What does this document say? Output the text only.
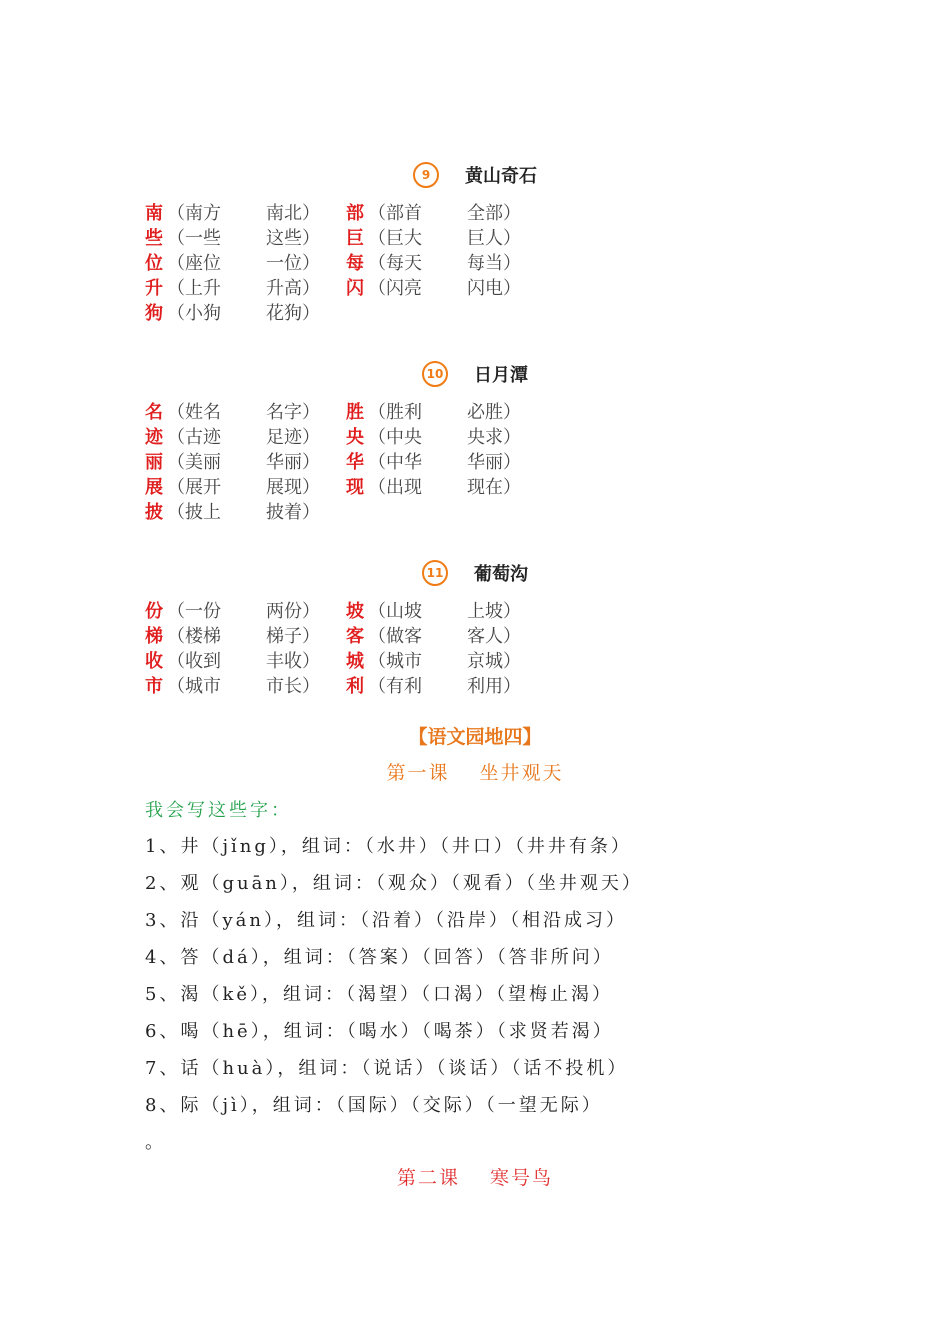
9	黄山奇石
南 （南方	南北） 部 （部首	全部）
些 （一些	这些） 巨 （巨大	巨人）
位 （座位	一位） 每 （每天	每当）
升 （上升	升高） 闪 （闪亮	闪电）
狗 （小狗	花狗）
10 日月潭
名 （姓名	名字） 胜 （胜利	必胜）
迹 （古迹	足迹） 央 （中央	央求）
丽 （美丽	华丽） 华 （中华	华丽）
展 （展开	展现） 现 （出现	现在）
披 （披上	披着）
11 葡萄沟
份 （一份	两份） 坡 （山坡	上坡）
梯 （楼梯	梯子） 客 （做客	客人）
收 （收到	丰收） 城 （城市	京城）
市 （城市	市长） 利 （有利	利用）
【语文园地四】
第一课 坐井观天
我会写这些字：
1、井（jǐng），组词：（水井）（井口）（井井有条）
2、观（guān），组词：（观众）（观看）（坐井观天）
3、沿（yán），组词：（沿着）（沿岸）（相沿成习）
4、答（dá），组词：（答案）（回答）（答非所问）
5、渴（kě），组词：（渴望）（口渴）（望梅止渴）
6、喝（hē），组词：（喝水）（喝茶）（求贤若渴）
7、话（huà），组词：（说话）（谈话）（话不投机）
8、际（jì），组词：（国际）（交际）（一望无际）
。
第二课 寒号鸟
